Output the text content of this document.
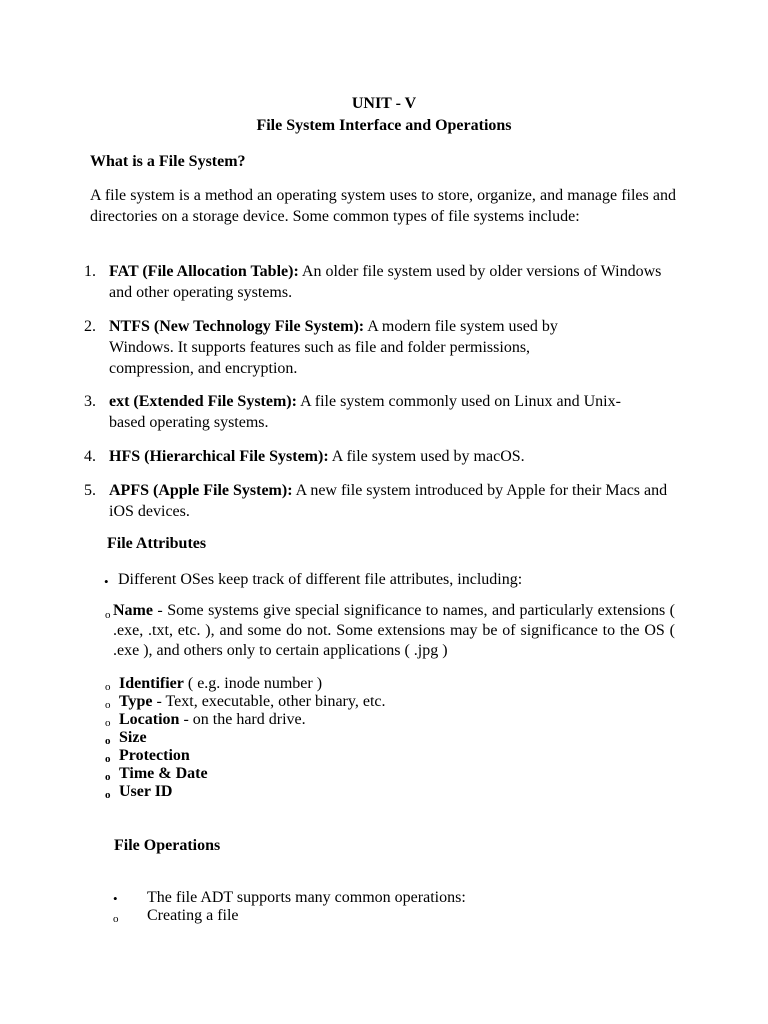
UNIT - V
File System Interface and Operations
What is a File System?

A file system is a method an operating system uses to store, organize, and manage files and directories on a storage device. Some common types of file systems include:

1. FAT (File Allocation Table): An older file system used by older versions of Windows and other operating systems.
2. NTFS (New Technology File System): A modern file system used by Windows. It supports features such as file and folder permissions, compression, and encryption.
3. ext (Extended File System): A file system commonly used on Linux and Unix-based operating systems.
4. HFS (Hierarchical File System): A file system used by macOS.
5. APFS (Apple File System): A new file system introduced by Apple for their Macs and iOS devices.
File Attributes
• Different OSes keep track of different file attributes, including:
o Name - Some systems give special significance to names, and particularly extensions ( .exe, .txt, etc. ), and some do not. Some extensions may be of significance to the OS ( .exe ), and others only to certain applications ( .jpg )
o Identifier ( e.g. inode number )
o Type - Text, executable, other binary, etc.
o Location - on the hard drive.
o Size
o Protection
o Time & Date
o User ID
File Operations
• The file ADT supports many common operations:
o Creating a file
